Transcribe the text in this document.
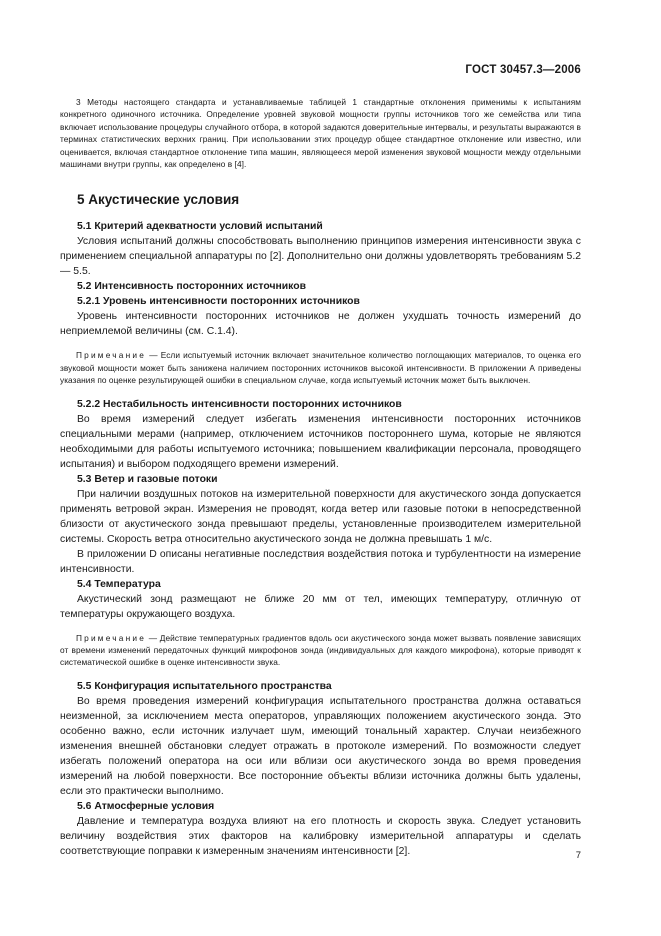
ГОСТ 30457.3—2006

3 Методы настоящего стандарта и устанавливаемые таблицей 1 стандартные отклонения применимы к испытаниям конкретного одиночного источника. Определение уровней звуковой мощности группы источников того же семейства или типа включает использование процедуры случайного отбора, в которой задаются доверительные интервалы, и результаты выражаются в терминах статистических верхних границ. При использовании этих процедур общее стандартное отклонение или известно, или оценивается, включая стандартное отклонение типа машин, являющееся мерой изменения звуковой мощности между отдельными машинами внутри группы, как определено в [4].

5 Акустические условия
5.1 Критерий адекватности условий испытаний

Условия испытаний должны способствовать выполнению принципов измерения интенсивности звука с применением специальной аппаратуры по [2]. Дополнительно они должны удовлетворять требованиям 5.2 — 5.5.

5.2 Интенсивность посторонних источников
5.2.1 Уровень интенсивности посторонних источников

Уровень интенсивности посторонних источников не должен ухудшать точность измерений до неприемлемой величины (см. С.1.4).

Примечание — Если испытуемый источник включает значительное количество поглощающих материалов, то оценка его звуковой мощности может быть занижена наличием посторонних источников высокой интенсивности. В приложении А приведены указания по оценке результирующей ошибки в специальном случае, когда испытуемый источник может быть выключен.

5.2.2 Нестабильность интенсивности посторонних источников

Во время измерений следует избегать изменения интенсивности посторонних источников специальными мерами (например, отключением источников постороннего шума, которые не являются необходимыми для работы испытуемого источника; повышением квалификации персонала, проводящего испытания) и выбором подходящего времени измерений.

5.3 Ветер и газовые потоки

При наличии воздушных потоков на измерительной поверхности для акустического зонда допускается применять ветровой экран. Измерения не проводят, когда ветер или газовые потоки в непосредственной близости от акустического зонда превышают пределы, установленные производителем измерительной системы. Скорость ветра относительно акустического зонда не должна превышать 1 м/с.

В приложении D описаны негативные последствия воздействия потока и турбулентности на измерение интенсивности.

5.4 Температура

Акустический зонд размещают не ближе 20 мм от тел, имеющих температуру, отличную от температуры окружающего воздуха.

Примечание — Действие температурных градиентов вдоль оси акустического зонда может вызвать появление зависящих от времени изменений передаточных функций микрофонов зонда (индивидуальных для каждого микрофона), которые приводят к систематической ошибке в оценке интенсивности звука.

5.5 Конфигурация испытательного пространства

Во время проведения измерений конфигурация испытательного пространства должна оставаться неизменной, за исключением места операторов, управляющих положением акустического зонда. Это особенно важно, если источник излучает шум, имеющий тональный характер. Случаи неизбежного изменения внешней обстановки следует отражать в протоколе измерений. По возможности следует избегать положений оператора на оси или вблизи оси акустического зонда во время проведения измерений на любой поверхности. Все посторонние объекты вблизи источника должны быть удалены, если это практически выполнимо.

5.6 Атмосферные условия

Давление и температура воздуха влияют на его плотность и скорость звука. Следует установить величину воздействия этих факторов на калибровку измерительной аппаратуры и сделать соответствующие поправки к измеренным значениям интенсивности [2].	7
